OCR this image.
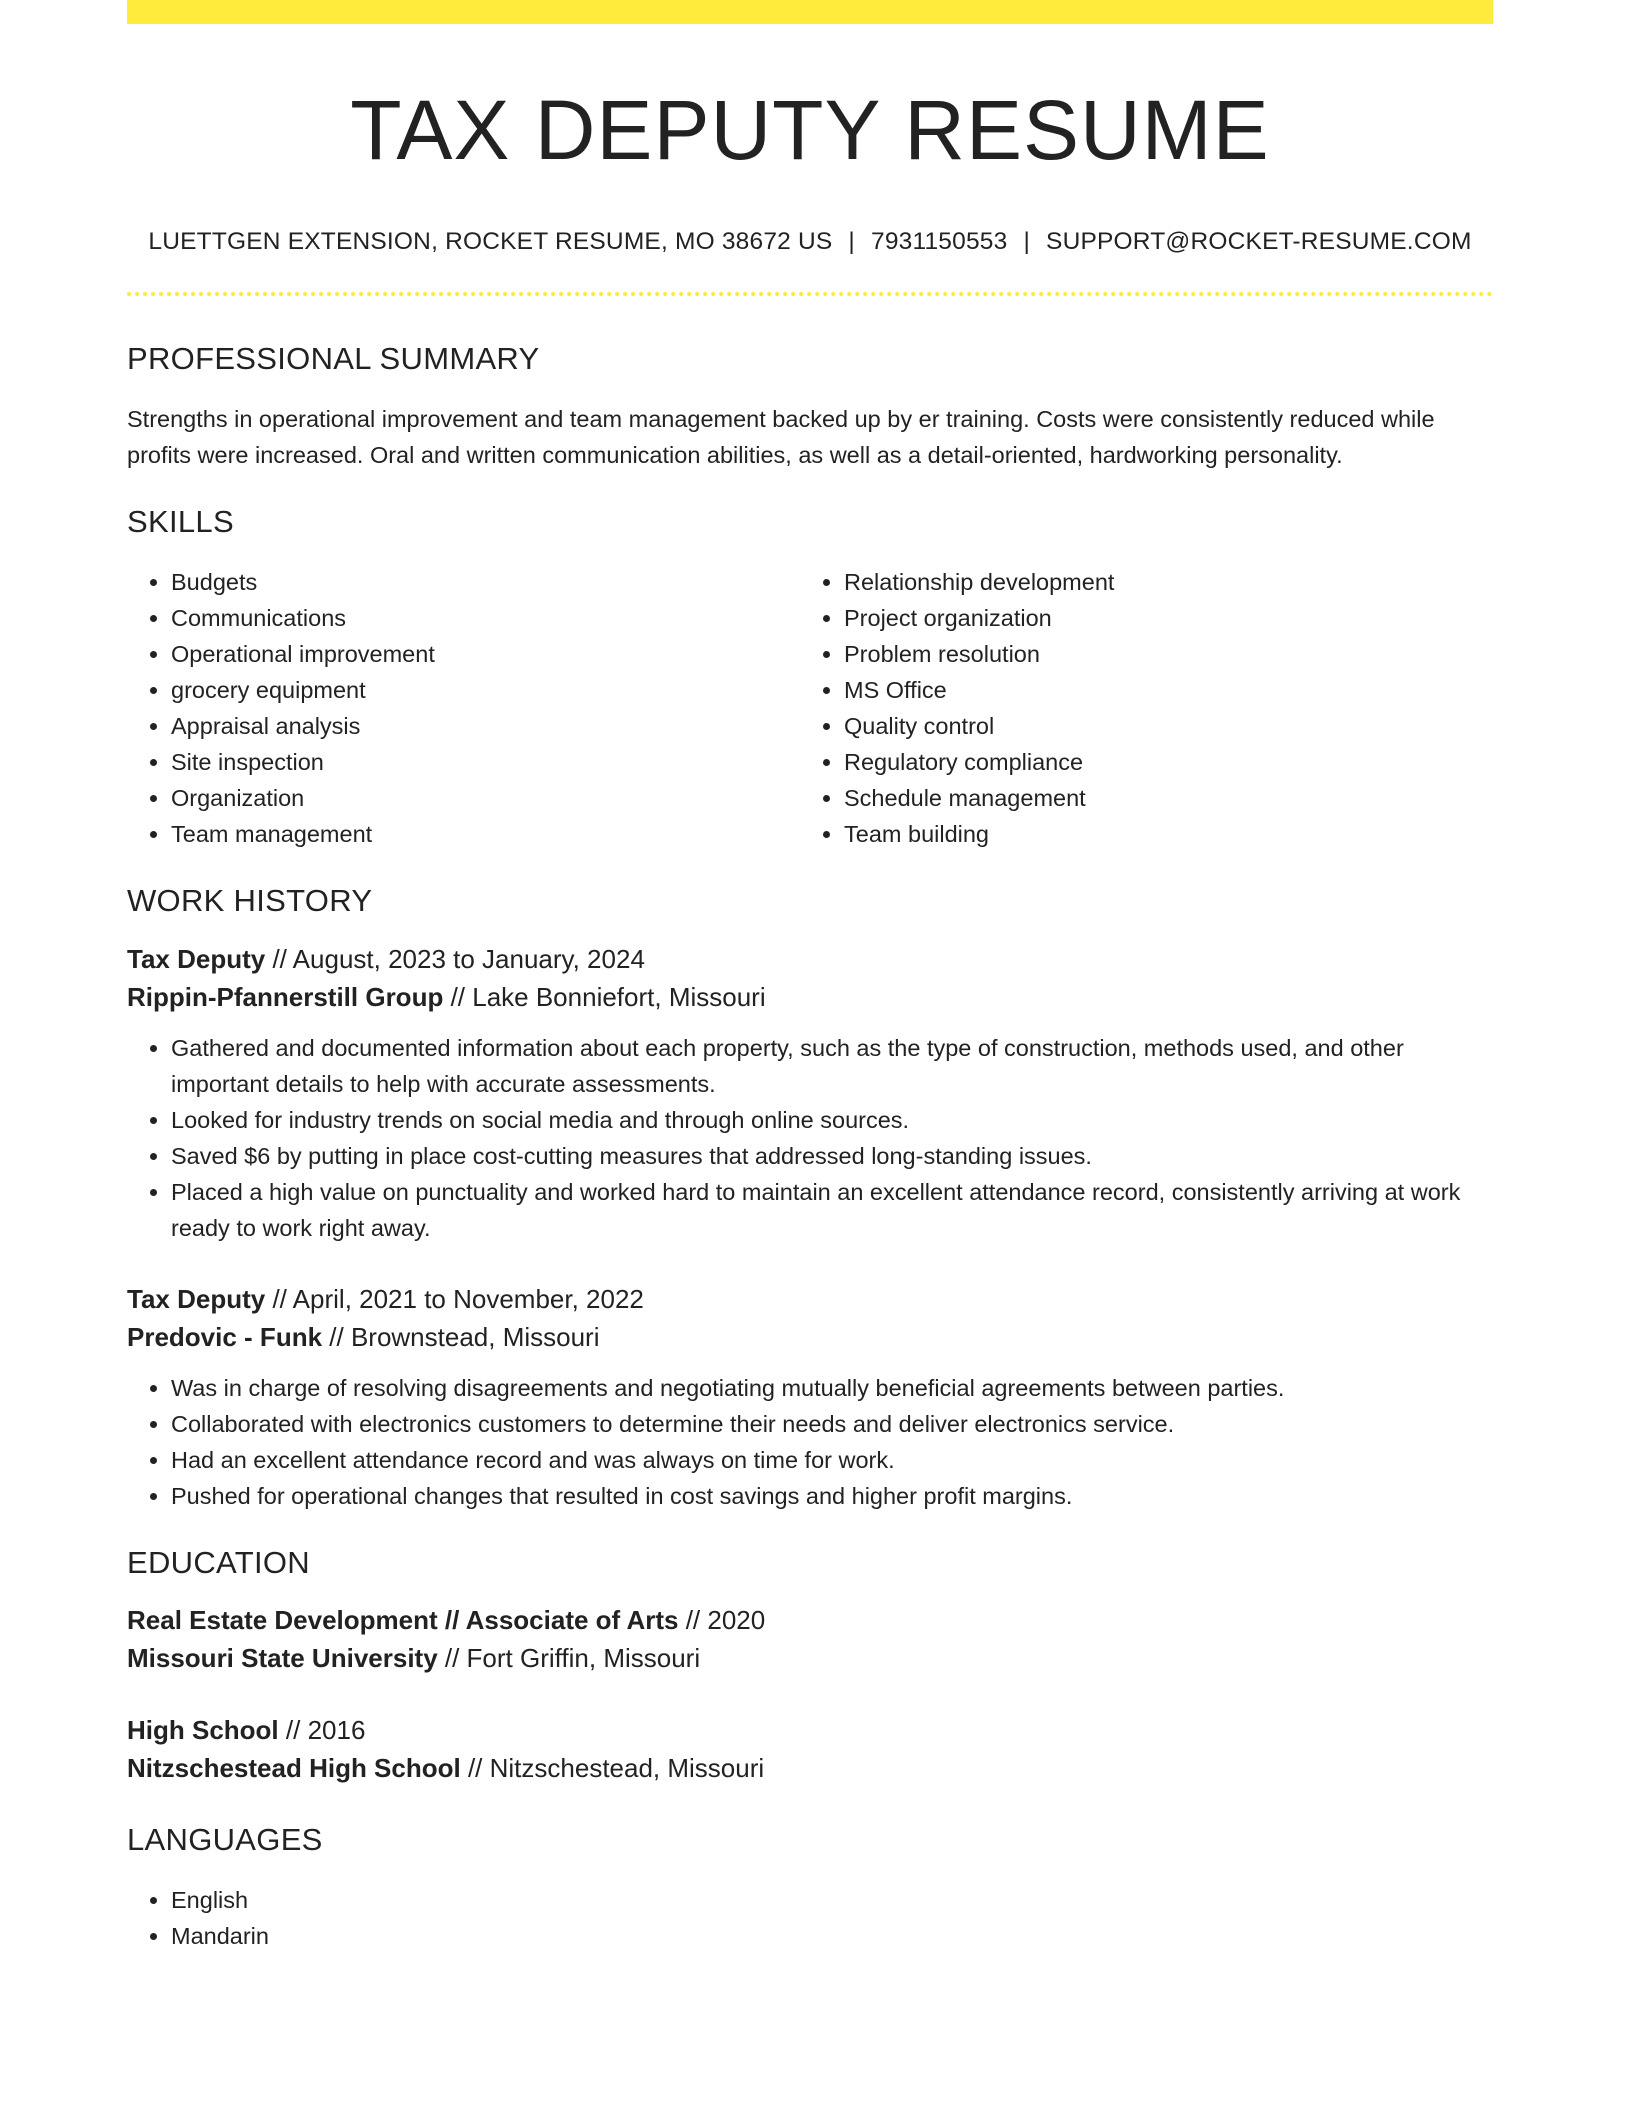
TAX DEPUTY RESUME
LUETTGEN EXTENSION, ROCKET RESUME, MO 38672 US | 7931150553 | SUPPORT@ROCKET-RESUME.COM
PROFESSIONAL SUMMARY
Strengths in operational improvement and team management backed up by er training. Costs were consistently reduced while profits were increased. Oral and written communication abilities, as well as a detail-oriented, hardworking personality.
SKILLS
• Budgets
• Communications
• Operational improvement
• grocery equipment
• Appraisal analysis
• Site inspection
• Organization
• Team management
• Relationship development
• Project organization
• Problem resolution
• MS Office
• Quality control
• Regulatory compliance
• Schedule management
• Team building
WORK HISTORY
Tax Deputy // August, 2023 to January, 2024
Rippin-Pfannerstill Group // Lake Bonniefort, Missouri
• Gathered and documented information about each property, such as the type of construction, methods used, and other important details to help with accurate assessments.
• Looked for industry trends on social media and through online sources.
• Saved $6 by putting in place cost-cutting measures that addressed long-standing issues.
• Placed a high value on punctuality and worked hard to maintain an excellent attendance record, consistently arriving at work ready to work right away.
Tax Deputy // April, 2021 to November, 2022
Predovic - Funk // Brownstead, Missouri
• Was in charge of resolving disagreements and negotiating mutually beneficial agreements between parties.
• Collaborated with electronics customers to determine their needs and deliver electronics service.
• Had an excellent attendance record and was always on time for work.
• Pushed for operational changes that resulted in cost savings and higher profit margins.
EDUCATION
Real Estate Development // Associate of Arts // 2020
Missouri State University // Fort Griffin, Missouri
High School // 2016
Nitzschestead High School // Nitzschestead, Missouri
LANGUAGES
• English
• Mandarin
